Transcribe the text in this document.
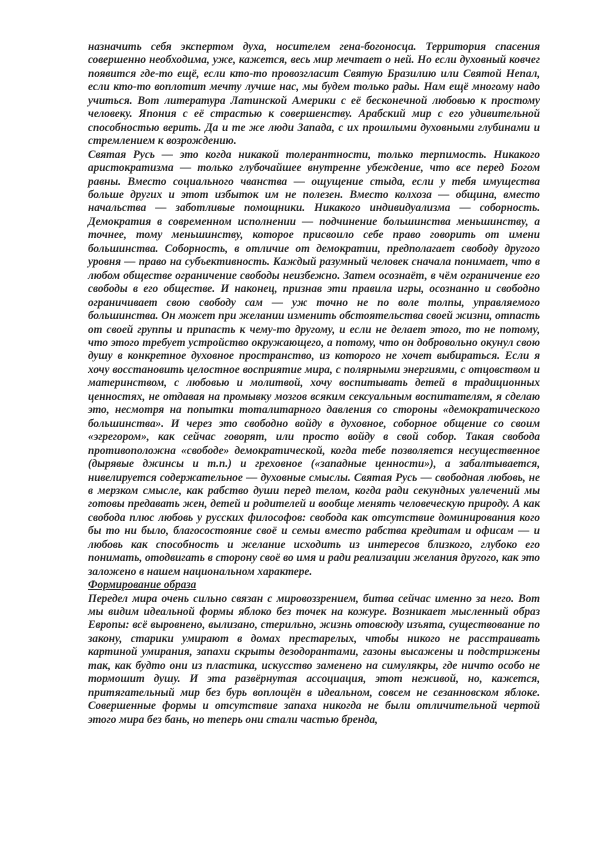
назначить себя экспертом духа, носителем гена-богоносца. Территория спасения совершенно необходима, уже, кажется, весь мир мечтает о ней. Но если духовный ковчег появится где-то ещё, если кто-то провозгласит Святую Бразилию или Святой Непал, если кто-то воплотит мечту лучше нас, мы будем только рады. Нам ещё многому надо учиться. Вот литература Латинской Америки с её бесконечной любовью к простому человеку. Япония с её страстью к совершенству. Арабский мир с его удивительной способностью верить. Да и те же люди Запада, с их прошлыми духовными глубинами и стремлением к возрождению.

Святая Русь — это когда никакой толерантности, только терпимость. Никакого аристократизма — только глубочайшее внутренне убеждение, что все перед Богом равны. Вместо социального чванства — ощущение стыда, если у тебя имущества больше других и этот избыток им не полезен. Вместо колхоза — община, вместо начальства — заботливые помощники. Никакого индивидуализма — соборность. Демократия в современном исполнении — подчинение большинства меньшинству, а точнее, тому меньшинству, которое присвоило себе право говорить от имени большинства. Соборность, в отличие от демократии, предполагает свободу другого уровня — право на субъективность. Каждый разумный человек сначала понимает, что в любом обществе ограничение свободы неизбежно. Затем осознаёт, в чём ограничение его свободы в его обществе. И наконец, признав эти правила игры, осознанно и свободно ограничивает свою свободу сам — уж точно не по воле толпы, управляемого большинства. Он может при желании изменить обстоятельства своей жизни, отпасть от своей группы и припасть к чему-то другому, и если не делает этого, то не потому, что этого требует устройство окружающего, а потому, что он добровольно окунул свою душу в конкретное духовное пространство, из которого не хочет выбираться. Если я хочу восстановить целостное восприятие мира, с полярными энергиями, с отцовством и материнством, с любовью и молитвой, хочу воспитывать детей в традиционных ценностях, не отдавая на промывку мозгов всяким сексуальным воспитателям, я сделаю это, несмотря на попытки тоталитарного давления со стороны «демократического большинства». И через это свободно войду в духовное, соборное общение со своим «эгрегором», как сейчас говорят, или просто войду в свой собор. Такая свобода противоположна «свободе» демократической, когда тебе позволяется несущественное (дырявые джинсы и т.п.) и греховное («западные ценности»), а забалтывается, нивелируется содержательное — духовные смыслы. Святая Русь — свободная любовь, не в мерзком смысле, как рабство души перед телом, когда ради секундных увлечений мы готовы предавать жен, детей и родителей и вообще менять человеческую природу. А как свобода плюс любовь у русских философов: свобода как отсутствие доминирования кого бы то ни было, благосостояние своё и семьи вместо рабства кредитам и офисам — и любовь как способность и желание исходить из интересов близкого, глубоко его понимать, отодвигать в сторону своё во имя и ради реализации желания другого, как это заложено в нашем национальном характере.

Формирование образа

Передел мира очень сильно связан с мировоззрением, битва сейчас именно за него. Вот мы видим идеальной формы яблоко без точек на кожуре. Возникает мысленный образ Европы: всё выровнено, вылизано, стерильно, жизнь отовсюду изъята, существование по закону, старики умирают в домах престарелых, чтобы никого не расстраивать картиной умирания, запахи скрыты дезодорантами, газоны высажены и подстрижены так, как будто они из пластика, искусство заменено на симулякры, где ничто особо не тормошит душу. И эта развёрнутая ассоциация, этот неживой, но, кажется, притягательный мир без бурь воплощён в идеальном, совсем не сезанновском яблоке. Совершенные формы и отсутствие запаха никогда не были отличительной чертой этого мира без бань, но теперь они стали частью бренда,
